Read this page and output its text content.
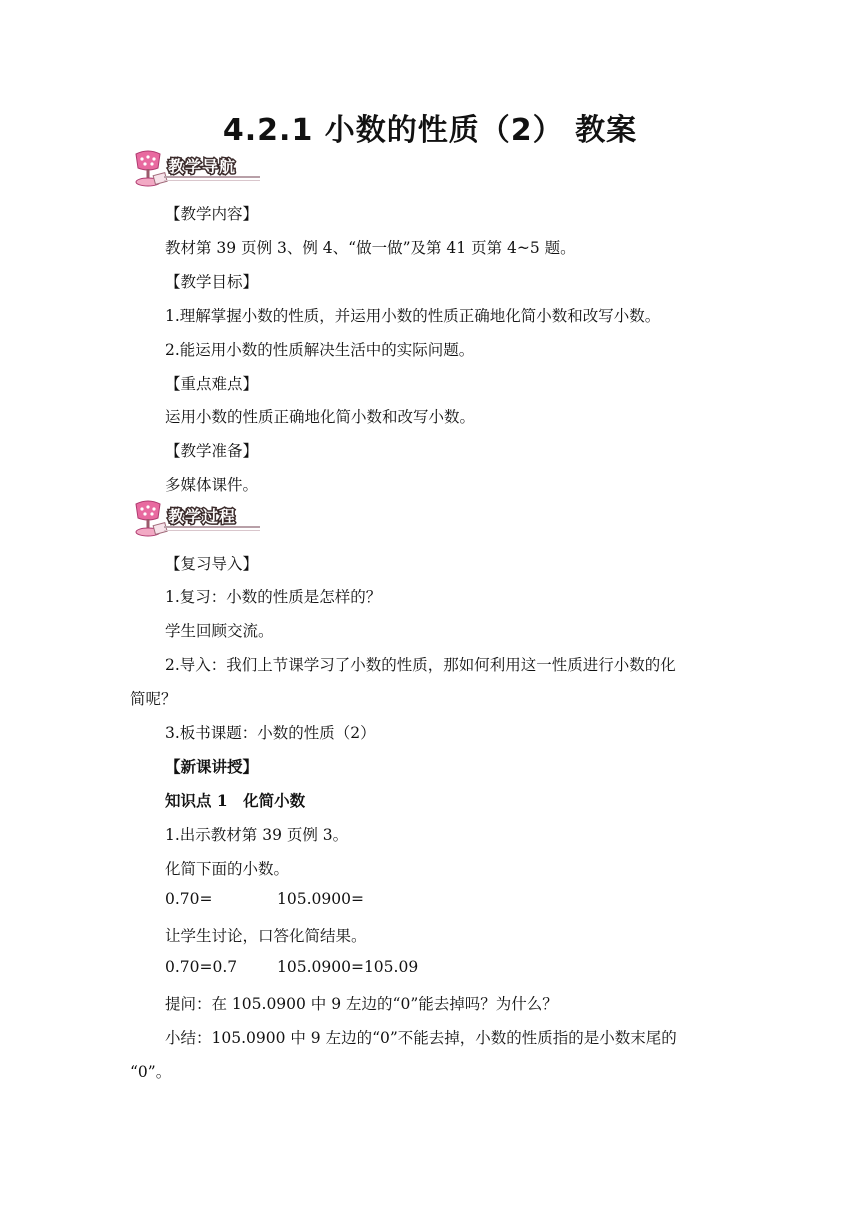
4.2.1 小数的性质（2） 教案
教学导航
【教学内容】
教材第 39 页例 3、例 4、“做一做”及第 41 页第 4~5 题。
【教学目标】
1.理解掌握小数的性质，并运用小数的性质正确地化简小数和改写小数。
2.能运用小数的性质解决生活中的实际问题。
【重点难点】
运用小数的性质正确地化简小数和改写小数。
【教学准备】
多媒体课件。
教学过程
【复习导入】
1.复习：小数的性质是怎样的？
学生回顾交流。
2.导入：我们上节课学习了小数的性质，那如何利用这一性质进行小数的化
简呢？
3.板书课题：小数的性质（2）
【新课讲授】
知识点 1　化简小数
1.出示教材第 39 页例 3。
化简下面的小数。
0.70=	105.0900=
让学生讨论，口答化简结果。
0.70=0.7	105.0900=105.09
提问：在 105.0900 中 9 左边的“0”能去掉吗？为什么？
小结：105.0900 中 9 左边的“0”不能去掉，小数的性质指的是小数末尾的
“0”。
